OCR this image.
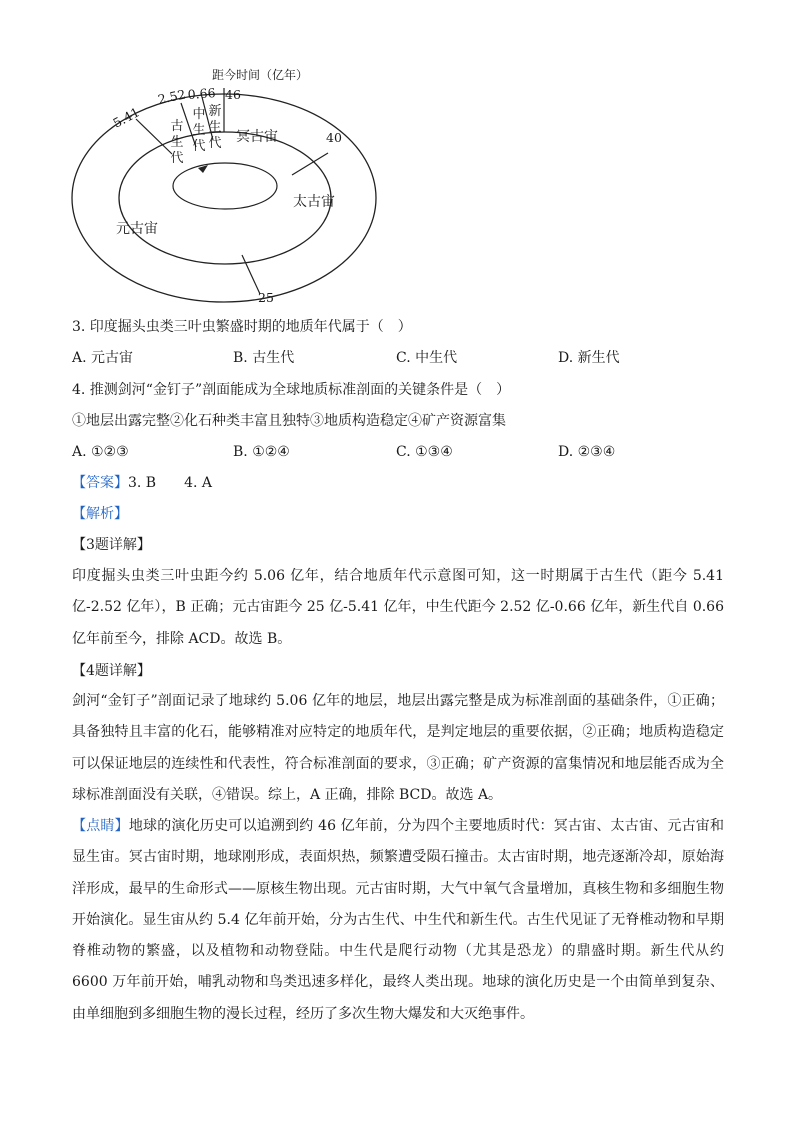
距今时间（亿年）
5.41
2.52 0.66 46
40
25
古生代
中生代
新生代 冥古宙
太古宙
元古宙
3. 印度掘头虫类三叶虫繁盛时期的地质年代属于（　）
A. 元古宙	B. 古生代	C. 中生代	D. 新生代
4. 推测剑河“金钉子”剖面能成为全球地质标准剖面的关键条件是（　）
①地层出露完整②化石种类丰富且独特③地质构造稳定④矿产资源富集
A. ①②③	B. ①②④	C. ①③④	D. ②③④
【答案】3. B　　4. A
【解析】
【3题详解】

印度掘头虫类三叶虫距今约 5.06 亿年，结合地质年代示意图可知，这一时期属于古生代（距今 5.41 亿-2.52 亿年），B 正确；元古宙距今 25 亿-5.41 亿年，中生代距今 2.52 亿-0.66 亿年，新生代自 0.66 亿年前至今，排除 ACD。故选 B。

【4题详解】

剑河“金钉子”剖面记录了地球约 5.06 亿年的地层，地层出露完整是成为标准剖面的基础条件，①正确；具备独特且丰富的化石，能够精准对应特定的地质年代，是判定地层的重要依据，②正确；地质构造稳定可以保证地层的连续性和代表性，符合标准剖面的要求，③正确；矿产资源的富集情况和地层能否成为全球标准剖面没有关联，④错误。综上，A 正确，排除 BCD。故选 A。

【点睛】地球的演化历史可以追溯到约 46 亿年前，分为四个主要地质时代：冥古宙、太古宙、元古宙和显生宙。冥古宙时期，地球刚形成，表面炽热，频繁遭受陨石撞击。太古宙时期，地壳逐渐冷却，原始海洋形成，最早的生命形式——原核生物出现。元古宙时期，大气中氧气含量增加，真核生物和多细胞生物开始演化。显生宙从约 5.4 亿年前开始，分为古生代、中生代和新生代。古生代见证了无脊椎动物和早期脊椎动物的繁盛，以及植物和动物登陆。中生代是爬行动物（尤其是恐龙）的鼎盛时期。新生代从约 6600 万年前开始，哺乳动物和鸟类迅速多样化，最终人类出现。地球的演化历史是一个由简单到复杂、由单细胞到多细胞生物的漫长过程，经历了多次生物大爆发和大灭绝事件。
